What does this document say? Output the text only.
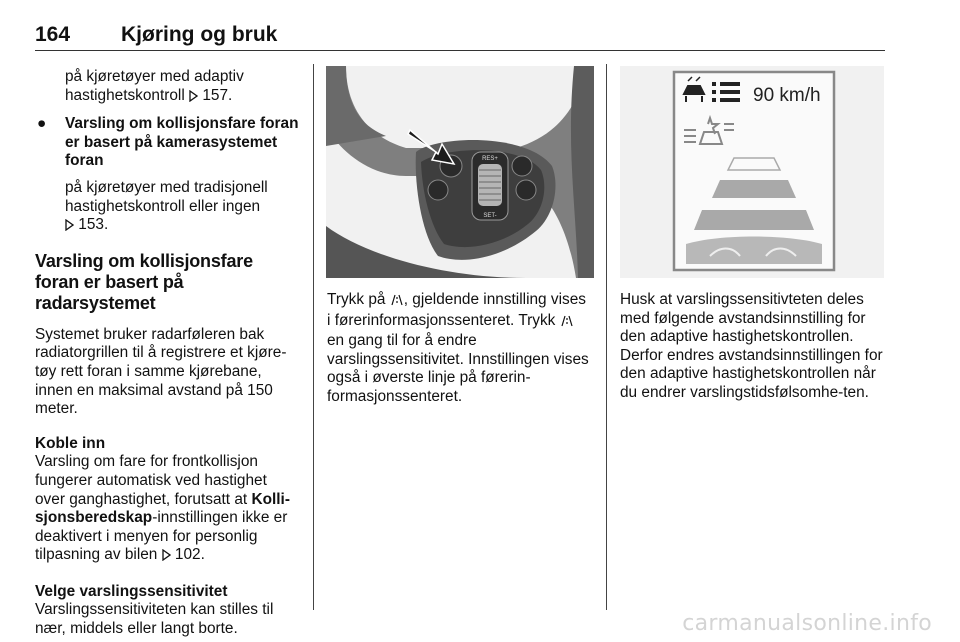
164 Kjøring og bruk

på kjøretøyer med adaptiv
hastighetskontroll 157.

● Varsling om kollisjonsfare foran er basert på kamerasystemet foran

på kjøretøyer med tradisjonell hastighetskontroll eller ingen
153.

Varsling om kollisjonsfare foran er basert på radarsystemet

Systemet bruker radarføleren bak radiatorgrillen til å registrere et kjøre-tøy rett foran i samme kjørebane, innen en maksimal avstand på 150 meter.

Koble inn

Varsling om fare for frontkollisjon fungerer automatisk ved hastighet over ganghastighet, forutsatt at Kolli-sjonsberedskap-innstillingen ikke er deaktivert i menyen for personlig tilpasning av bilen 102.

Velge varslingssensitivitet

Varslingssensitiviteten kan stilles til nær, middels eller langt borte.

RES+
SET-

Trykk på , gjeldende innstilling vises i førerinformasjonssenteret. Trykk  en gang til for å endre varslingssensitivitet. Innstillingen vises også i øverste linje på førerin-formasjonssenteret.

90 km/h

Husk at varslingssensitivteten deles med følgende avstandsinnstilling for den adaptive hastighetskontrollen. Derfor endres avstandsinnstillingen for den adaptive hastighetskontrollen når du endrer varslingstidsfølsomhe-ten.

carmanualsonline.info
